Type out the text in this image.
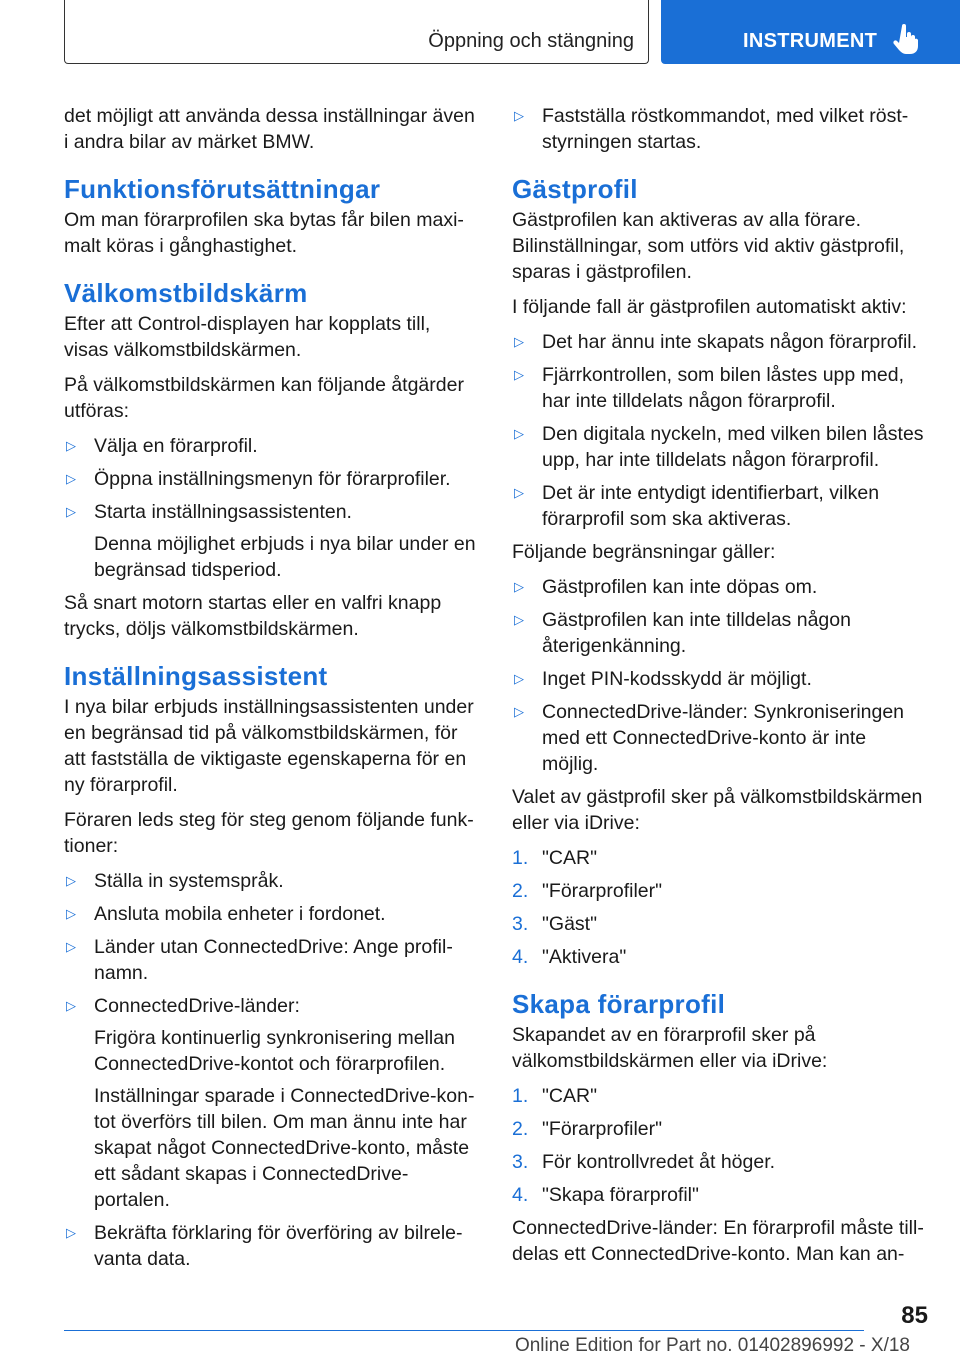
Öppning och stängning	INSTRUMENT

det möjligt att använda dessa inställningar även i andra bilar av märket BMW.

Funktionsförutsättningar

Om man förarprofilen ska bytas får bilen maximalt köras i gånghastighet.

Välkomstbildskärm

Efter att Control-displayen har kopplats till, visas välkomstbildskärmen.

På välkomstbildskärmen kan följande åtgärder utföras:

▷ Välja en förarprofil.
▷ Öppna inställningsmenyn för förarprofiler.
▷ Starta inställningsassistenten.

Denna möjlighet erbjuds i nya bilar under en begränsad tidsperiod.

Så snart motorn startas eller en valfri knapp trycks, döljs välkomstbildskärmen.

Inställningsassistent

I nya bilar erbjuds inställningsassistenten under en begränsad tid på välkomstbildskärmen, för att fastställa de viktigaste egenskaperna för en ny förarprofil.

Föraren leds steg för steg genom följande funktioner:

▷ Ställa in systemspråk.
▷ Ansluta mobila enheter i fordonet.
▷ Länder utan ConnectedDrive: Ange profilnamn.
▷ ConnectedDrive-länder:

Frigöra kontinuerlig synkronisering mellan ConnectedDrive-kontot och förarprofilen.

Inställningar sparade i ConnectedDrive-kontot överförs till bilen. Om man ännu inte har skapat något ConnectedDrive-konto, måste ett sådant skapas i ConnectedDrive-portalen.

▷ Bekräfta förklaring för överföring av bilrelevanta data.
▷ Fastställa röstkommandot, med vilket röststyrningen startas.
Gästprofil

Gästprofilen kan aktiveras av alla förare. Bilinställningar, som utförs vid aktiv gästprofil, sparas i gästprofilen.

I följande fall är gästprofilen automatiskt aktiv:

▷ Det har ännu inte skapats någon förarprofil.
▷ Fjärrkontrollen, som bilen låstes upp med, har inte tilldelats någon förarprofil.
▷ Den digitala nyckeln, med vilken bilen låstes upp, har inte tilldelats någon förarprofil.
▷ Det är inte entydigt identifierbart, vilken förarprofil som ska aktiveras.

Följande begränsningar gäller:

▷ Gästprofilen kan inte döpas om.
▷ Gästprofilen kan inte tilldelas någon återigenkänning.
▷ Inget PIN-kodsskydd är möjligt.
▷ ConnectedDrive-länder: Synkroniseringen med ett ConnectedDrive-konto är inte möjlig.

Valet av gästprofil sker på välkomstbildskärmen eller via iDrive:

1. "CAR"
2. "Förarprofiler"
3. "Gäst"
4. "Aktivera"
Skapa förarprofil

Skapandet av en förarprofil sker på välkomstbildskärmen eller via iDrive:

1. "CAR"
2. "Förarprofiler"
3. För kontrollvredet åt höger.
4. "Skapa förarprofil"

ConnectedDrive-länder: En förarprofil måste tilldelas ett ConnectedDrive-konto. Man kan an-

85
Online Edition for Part no. 01402896992 - X/18
